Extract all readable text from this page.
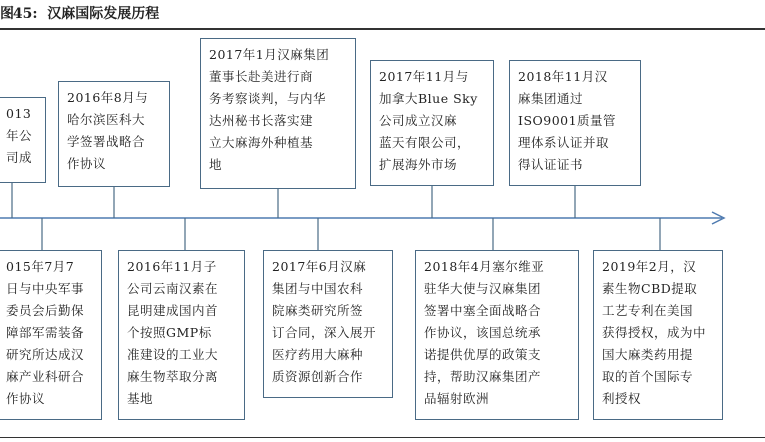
图 45: 汉麻国际发展历程
013
年公
司成
2016年8月与
哈尔滨医科大
学签署战略合
作协议
2017年1月汉麻集团
董事长赴美进行商
务考察谈判，与内华
达州秘书长落实建
立大麻海外种植基
地
2017年11月与
加拿大Blue Sky
公司成立汉麻
蓝天有限公司，
扩展海外市场
2018年11月汉
麻集团通过
ISO9001质量管
理体系认证并取
得认证证书
015年7月7
日与中央军事
委员会后勤保
障部军需装备
研究所达成汉
麻产业科研合
作协议
2016年11月子
公司云南汉素在
昆明建成国内首
个按照GMP标
准建设的工业大
麻生物萃取分离
基地
2017年6月汉麻
集团与中国农科
院麻类研究所签
订合同，深入展开
医疗药用大麻种
质资源创新合作
2018年4月塞尔维亚
驻华大使与汉麻集团
签署中塞全面战略合
作协议，该国总统承
诺提供优厚的政策支
持，帮助汉麻集团产
品辐射欧洲
2019年2月，汉
素生物CBD提取
工艺专利在美国
获得授权，成为中
国大麻类药用提
取的首个国际专
利授权
